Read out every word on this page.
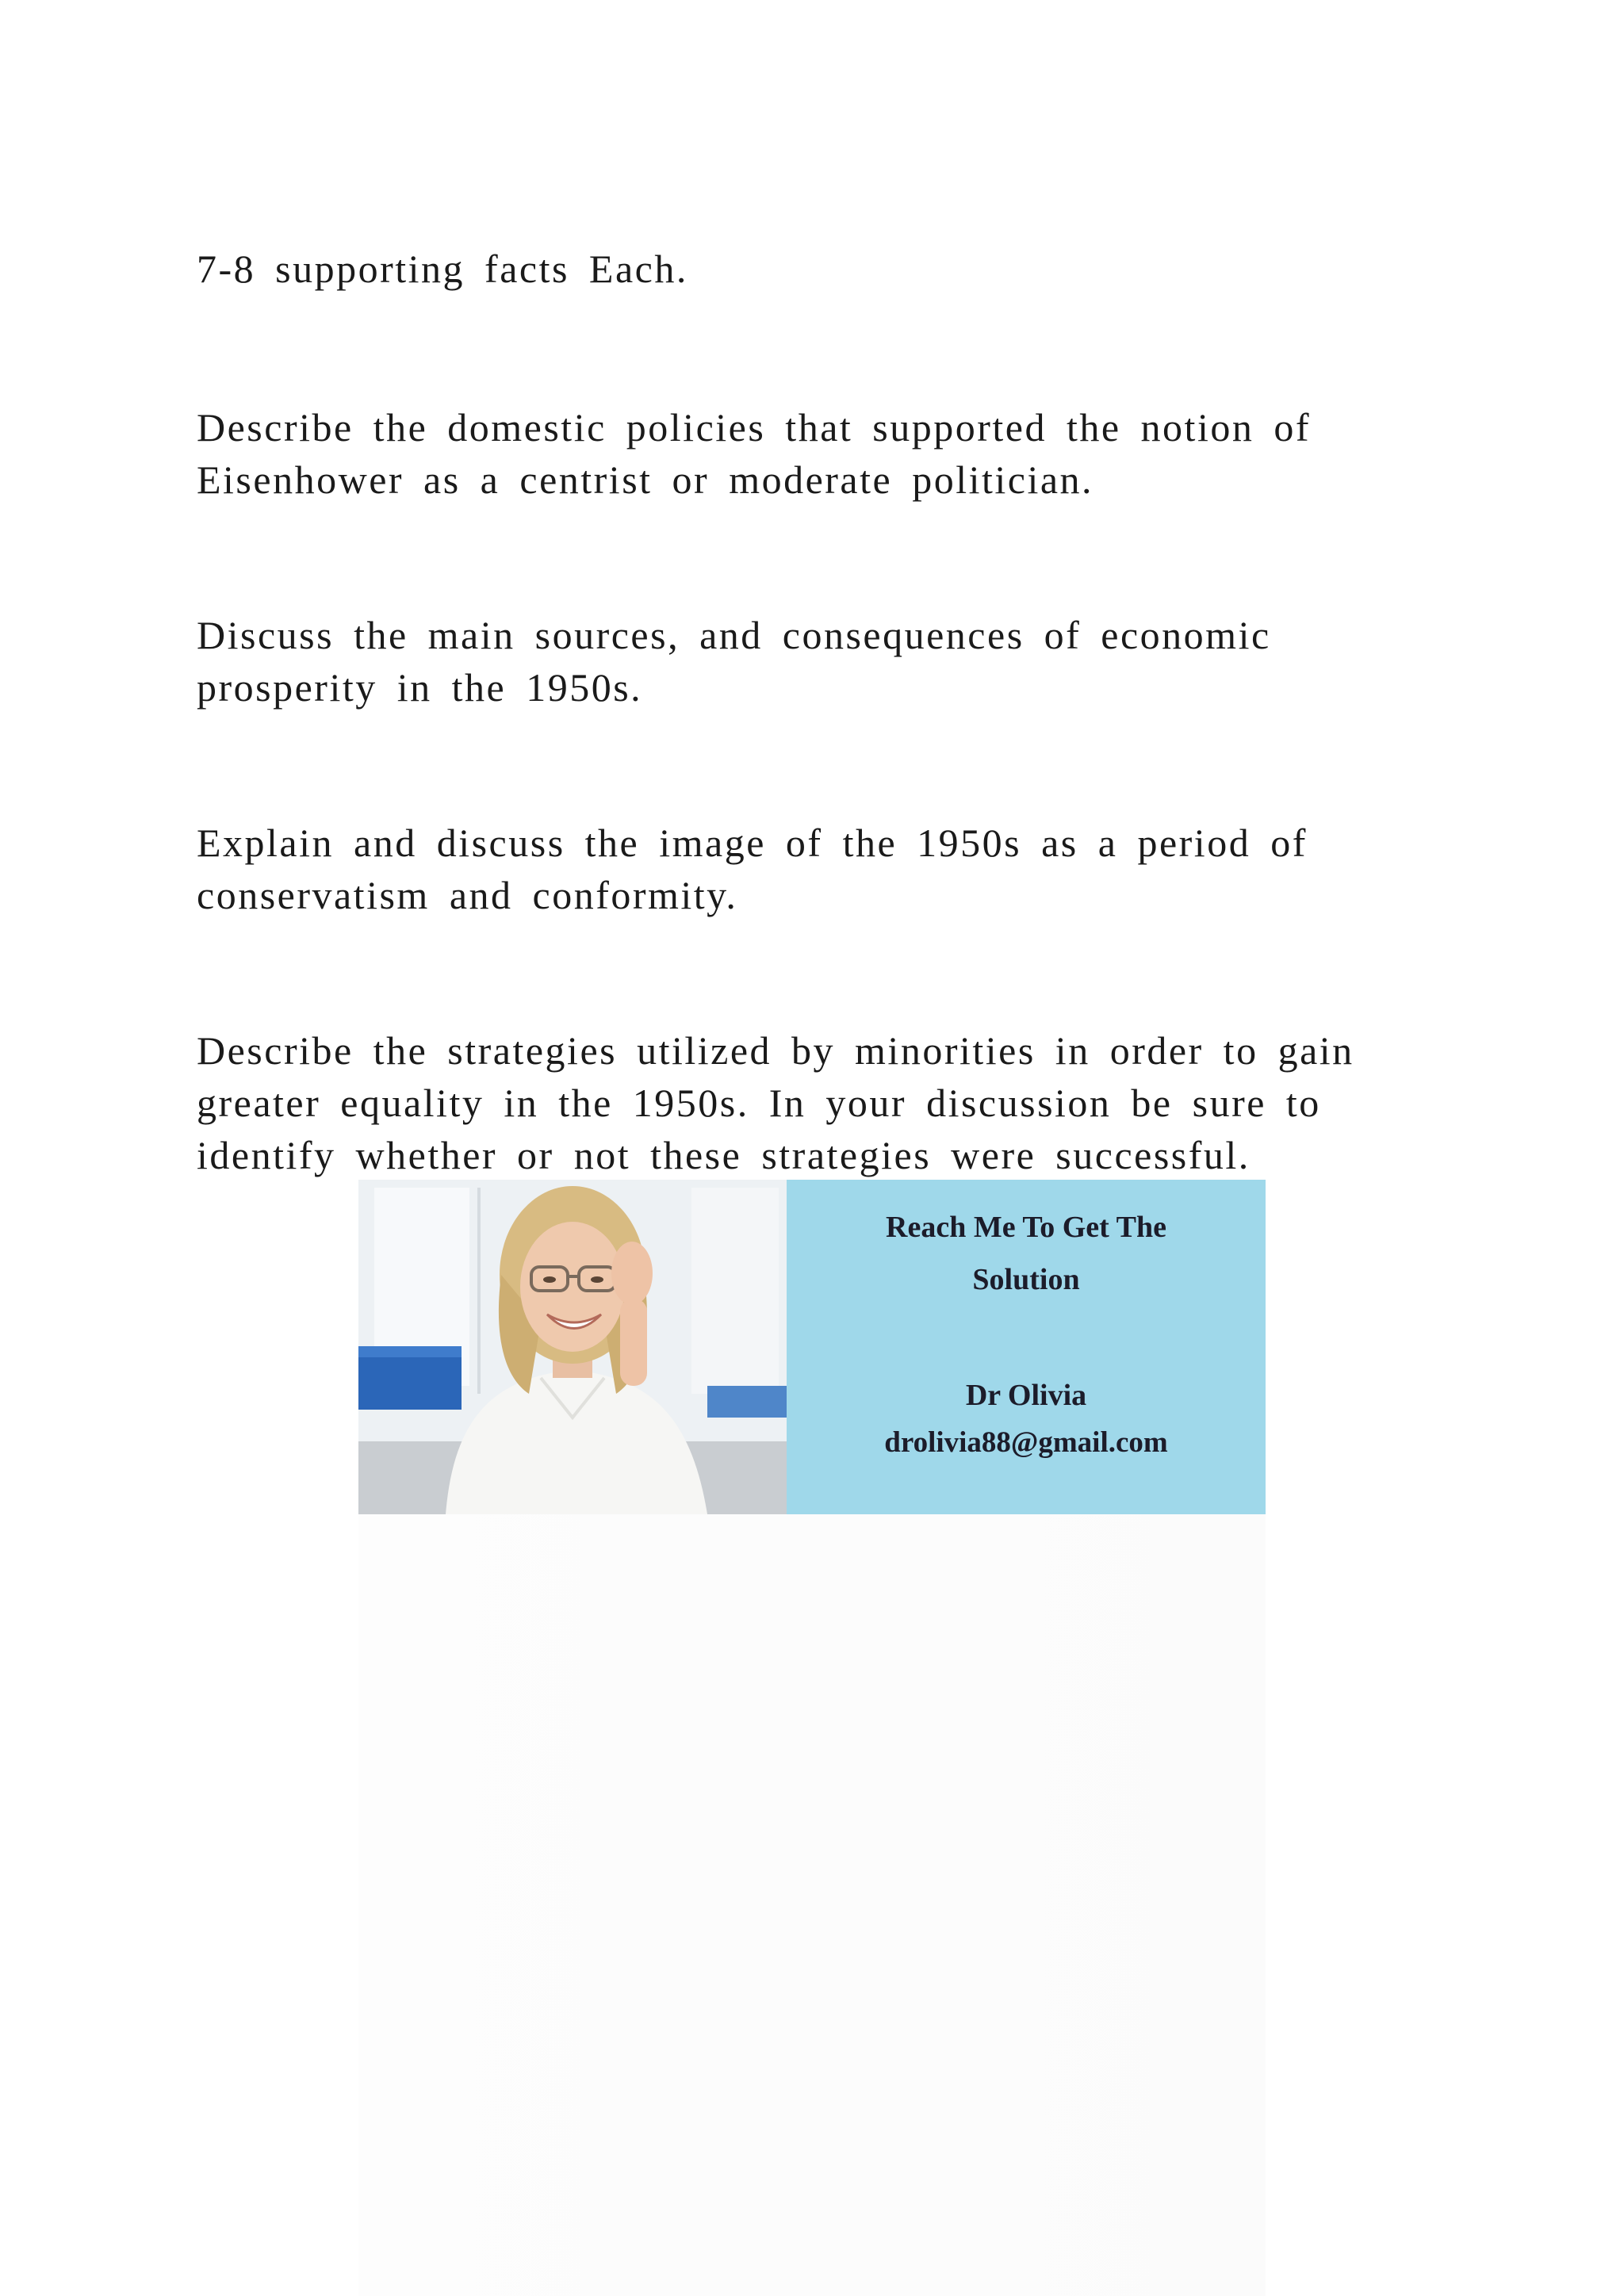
7-8 supporting facts Each.

Describe the domestic policies that supported the notion of Eisenhower as a centrist or moderate politician.

Discuss the main sources, and consequences of economic prosperity in the 1950s.

Explain and discuss the image of the 1950s as a period of conservatism and conformity.

Describe the strategies utilized by minorities in order to gain greater equality in the 1950s. In your discussion be sure to identify whether or not these strategies were successful.

Reach Me To Get The
Solution
Dr Olivia
drolivia88@gmail.com
